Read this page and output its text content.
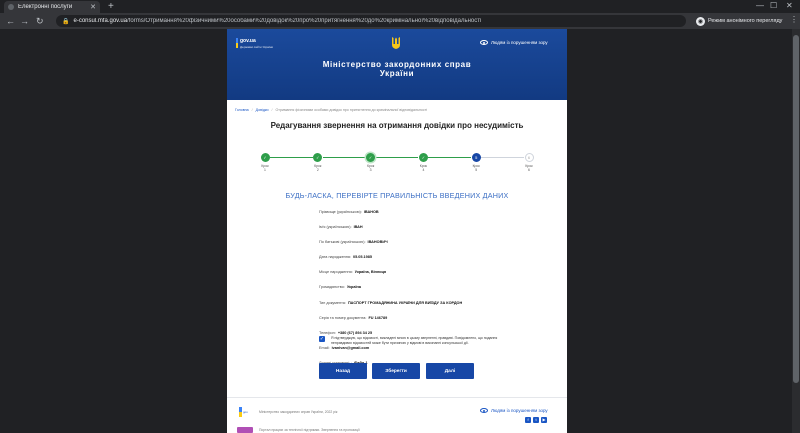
Електронні послуги	✕ +	— ☐ ✕
← → ↻	🔒 e-consul.mfa.gov.ua/forms/Отримання%20фізичними%20особами%20довідок%20про%20притягнення%20до%20кримінальної%20відповідальності	◉ Режим анонімного перегляду ⋮
gov.ua
Державні сайти України
Людям із порушенням зору
Міністерство закордонних справ
України
Головна / Довідки / Отримання фізичними особами довідок про притягнення до кримінальної відповідальності
Редагування звернення на отримання довідки про несудимість
✓
Крок
1
✓
Крок
2
✓
Крок
3
✓
Крок
4
5
Крок
5
6
Крок
6
БУДЬ-ЛАСКА, ПЕРЕВІРТЕ ПРАВИЛЬНІСТЬ ВВЕДЕНИХ ДАНИХ
Прізвище (українською): ІВАНОВ
Ім'я (українською): ІВАН
По батькові (українською): ІВАНОВИЧ
Дата народження: 05.05.1985
Місце народження: Україна, Вінниця
Громадянство: Україна
Тип документа: ПАСПОРТ ГРОМАДЯНИНА УКРАЇНИ ДЛЯ ВИЇЗДУ ЗА КОРДОН
Серія та номер документа: FU 146789
Телефон: +380 (67) 894 34 25
Email: ivanivan@gmail.com
✓ Я підтверджую, що відомості, викладені мною в цьому зверненні, правдиві. Повідомлено, що подання неправдивих відомостей може бути причиною у відмові в виконанні консульської дії.
Назад	Зберегти	Далі
gov	Міністерство закордонних справ України, 2022 рік	Людям із порушенням зору
f	t	▶
Портал працює за технічної підтримки. Звернення та пропозиції
